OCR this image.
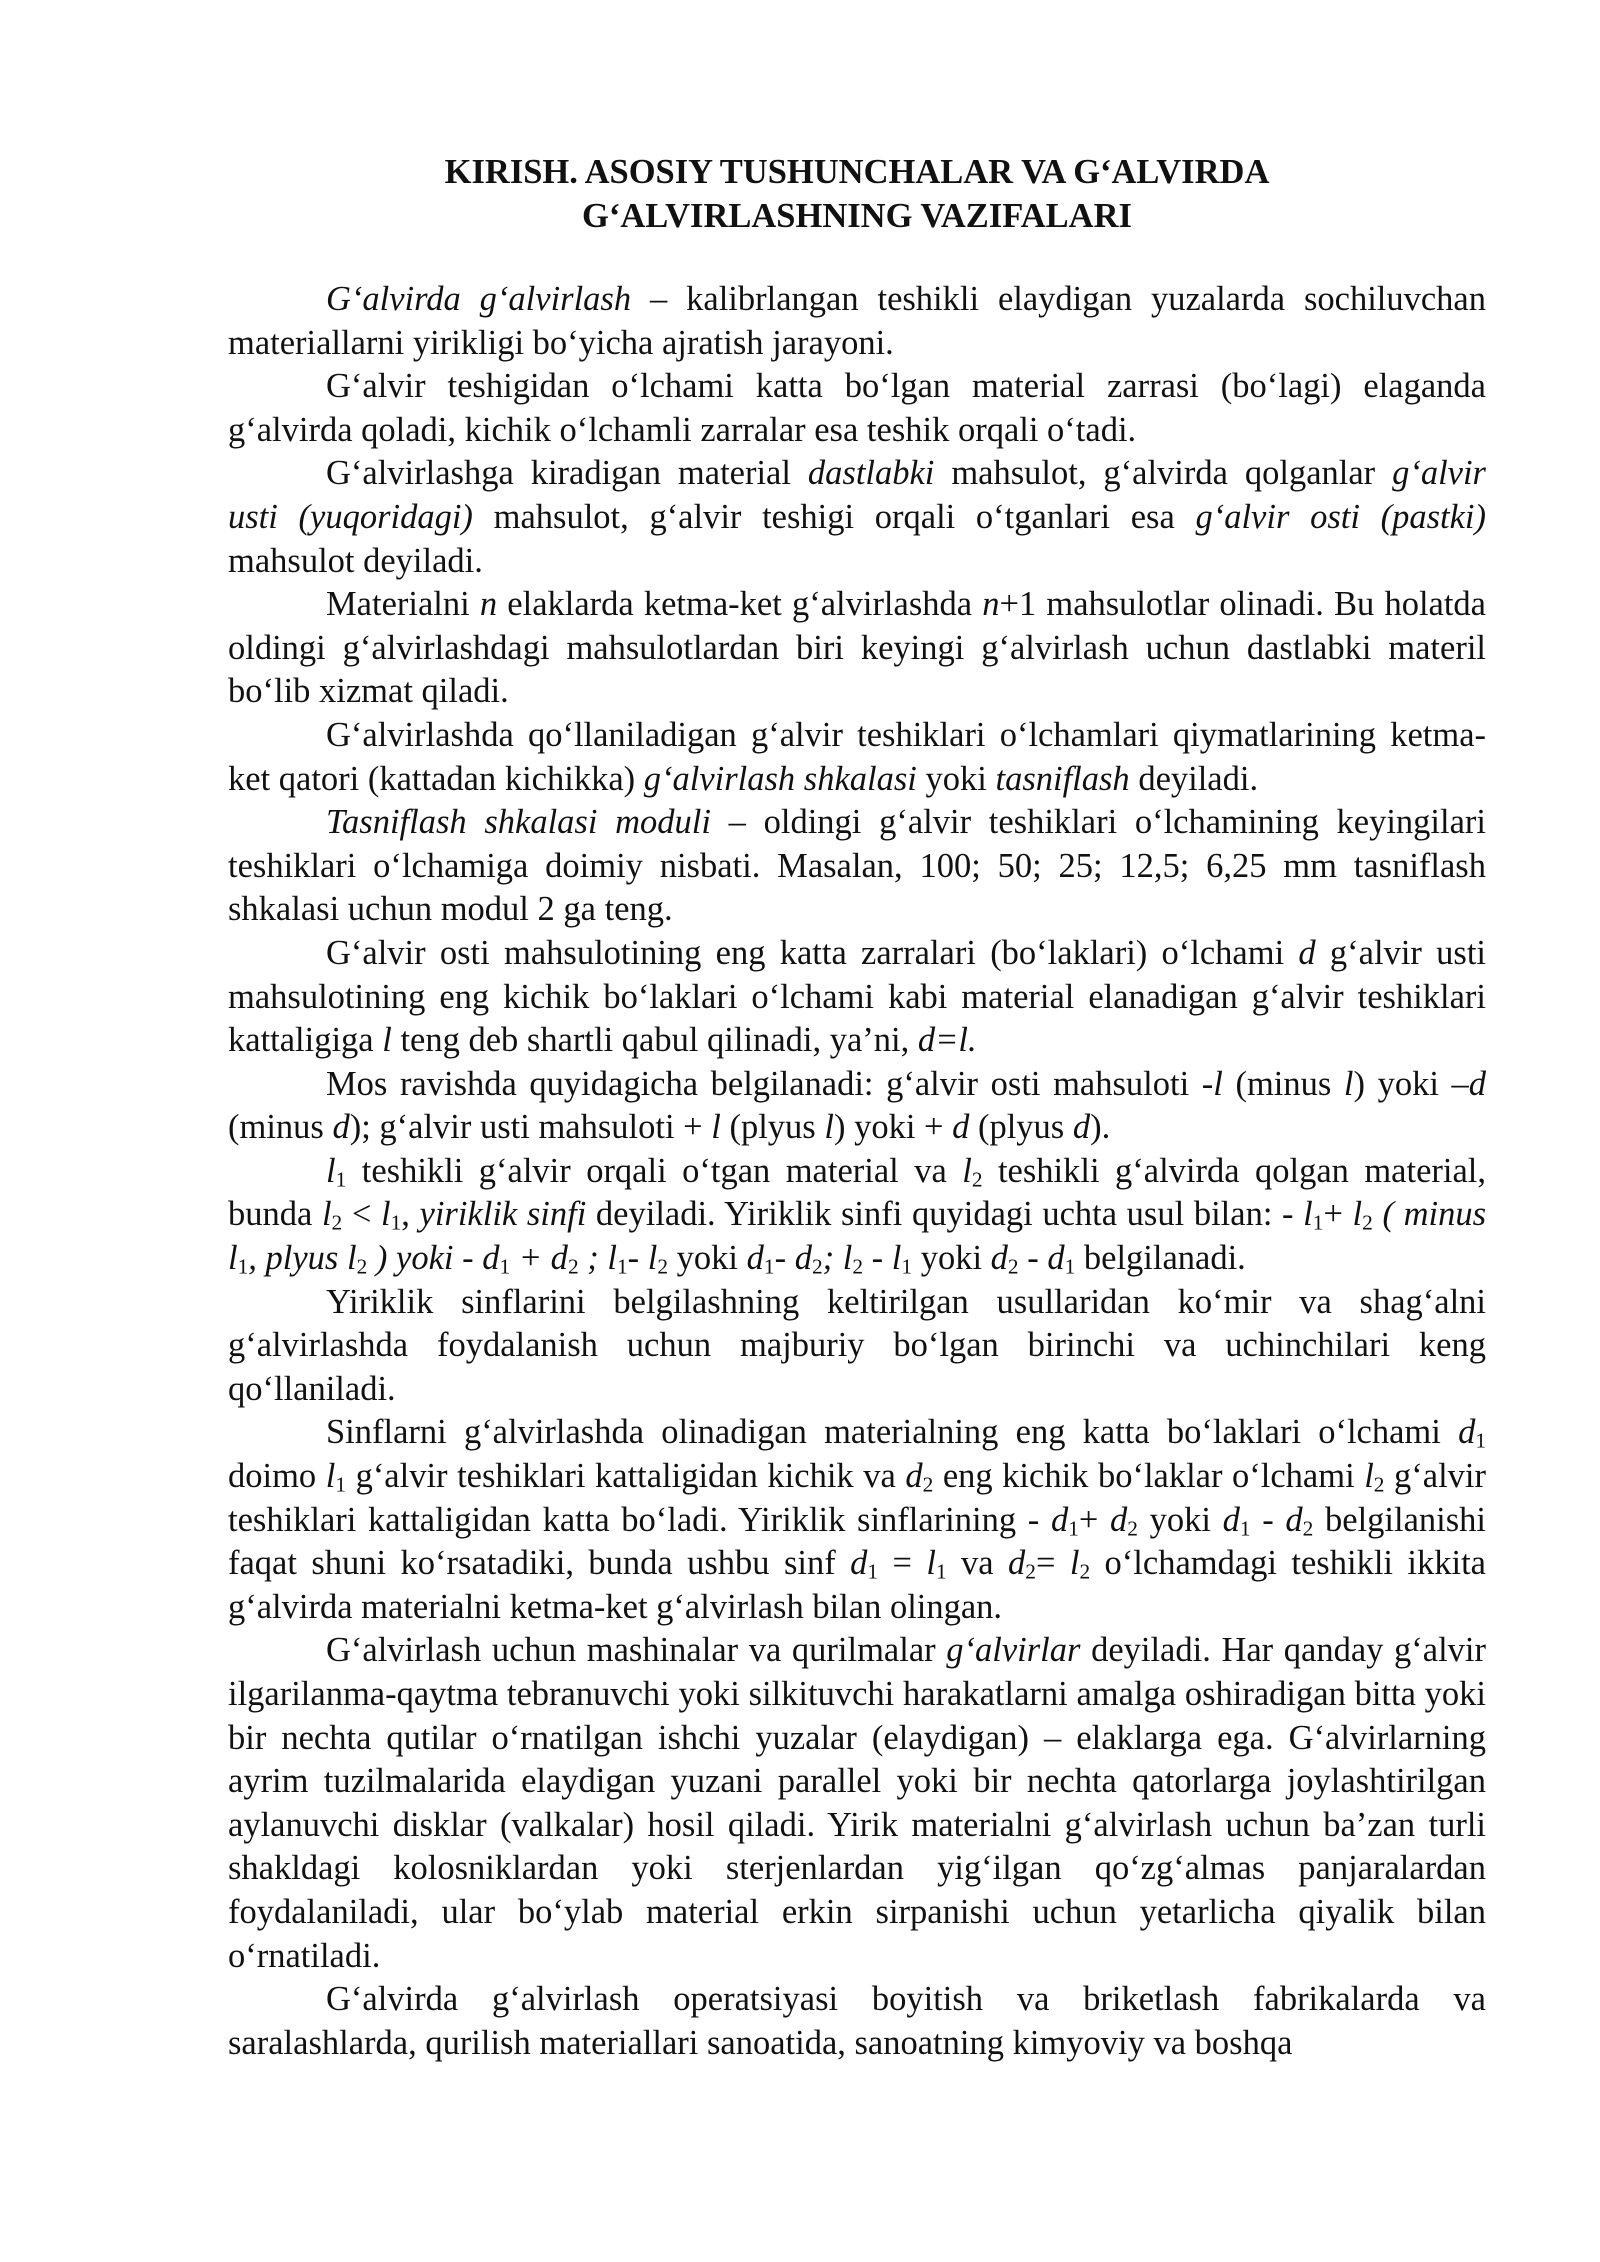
KIRISH. ASOSIY TUSHUNCHALAR VA G‘ALVIRDA
G‘ALVIRLASHNING VAZIFALARI

G‘alvirda g‘alvirlash – kalibrlangan teshikli elaydigan yuzalarda sochiluvchan materiallarni yirikligi bo‘yicha ajratish jarayoni.

G‘alvir teshigidan o‘lchami katta bo‘lgan material zarrasi (bo‘lagi) elaganda g‘alvirda qoladi, kichik o‘lchamli zarralar esa teshik orqali o‘tadi.

G‘alvirlashga kiradigan material dastlabki mahsulot, g‘alvirda qolganlar g‘alvir usti (yuqoridagi) mahsulot, g‘alvir teshigi orqali o‘tganlari esa g‘alvir osti (pastki) mahsulot deyiladi.

Materialni n elaklarda ketma-ket g‘alvirlashda n+1 mahsulotlar olinadi. Bu holatda oldingi g‘alvirlashdagi mahsulotlardan biri keyingi g‘alvirlash uchun dastlabki materil bo‘lib xizmat qiladi.

G‘alvirlashda qo‘llaniladigan g‘alvir teshiklari o‘lchamlari qiymatlarining ketma-ket qatori (kattadan kichikka) g‘alvirlash shkalasi yoki tasniflash deyiladi.

Tasniflash shkalasi moduli – oldingi g‘alvir teshiklari o‘lchamining keyingilari teshiklari o‘lchamiga doimiy nisbati. Masalan, 100; 50; 25; 12,5; 6,25 mm tasniflash shkalasi uchun modul 2 ga teng.

G‘alvir osti mahsulotining eng katta zarralari (bo‘laklari) o‘lchami d g‘alvir usti mahsulotining eng kichik bo‘laklari o‘lchami kabi material elanadigan g‘alvir teshiklari kattaligiga l teng deb shartli qabul qilinadi, ya’ni, d=l.

Mos ravishda quyidagicha belgilanadi: g‘alvir osti mahsuloti -l (minus l) yoki –d (minus d); g‘alvir usti mahsuloti + l (plyus l) yoki + d (plyus d).

$l_1$ teshikli g‘alvir orqali o‘tgan material va $l_2$ teshikli g‘alvirda qolgan material, bunda $l_2 < l_1$, yiriklik sinfi deyiladi. Yiriklik sinfi quyidagi uchta usul bilan: - $l_1+ l_2$ ( minus $l_1$, plyus $l_2$ ) yoki - $d_1 + d_2$ ; $l_1-$ $l_2$ yoki $d_1-$ $d_2$; $l_2 - l_1$ yoki $d_2 - d_1$ belgilanadi.

Yiriklik sinflarini belgilashning keltirilgan usullaridan ko‘mir va shag‘alni g‘alvirlashda foydalanish uchun majburiy bo‘lgan birinchi va uchinchilari keng qo‘llaniladi.

Sinflarni g‘alvirlashda olinadigan materialning eng katta bo‘laklari o‘lchami $d_1$ doimo $l_1$ g‘alvir teshiklari kattaligidan kichik va $d_2$ eng kichik bo‘laklar o‘lchami $l_2$ g‘alvir teshiklari kattaligidan katta bo‘ladi. Yiriklik sinflarining - $d_1+ d_2$ yoki $d_1 - d_2$ belgilanishi faqat shuni ko‘rsatadiki, bunda ushbu sinf $d_1 = l_1$ va $d_2= l_2$ o‘lchamdagi teshikli ikkita g‘alvirda materialni ketma-ket g‘alvirlash bilan olingan.

G‘alvirlash uchun mashinalar va qurilmalar g‘alvirlar deyiladi. Har qanday g‘alvir ilgarilanma-qaytma tebranuvchi yoki silkituvchi harakatlarni amalga oshiradigan bitta yoki bir nechta qutilar o‘rnatilgan ishchi yuzalar (elaydigan) – elaklarga ega. G‘alvirlarning ayrim tuzilmalarida elaydigan yuzani parallel yoki bir nechta qatorlarga joylashtirilgan aylanuvchi disklar (valkalar) hosil qiladi. Yirik materialni g‘alvirlash uchun ba’zan turli shakldagi kolosniklardan yoki sterjenlardan yig‘ilgan qo‘zg‘almas panjaralardan foydalaniladi, ular bo‘ylab material erkin sirpanishi uchun yetarlicha qiyalik bilan o‘rnatiladi.

G‘alvirda g‘alvirlash operatsiyasi boyitish va briketlash fabrikalarda va saralashlarda, qurilish materiallari sanoatida, sanoatning kimyoviy va boshqa
